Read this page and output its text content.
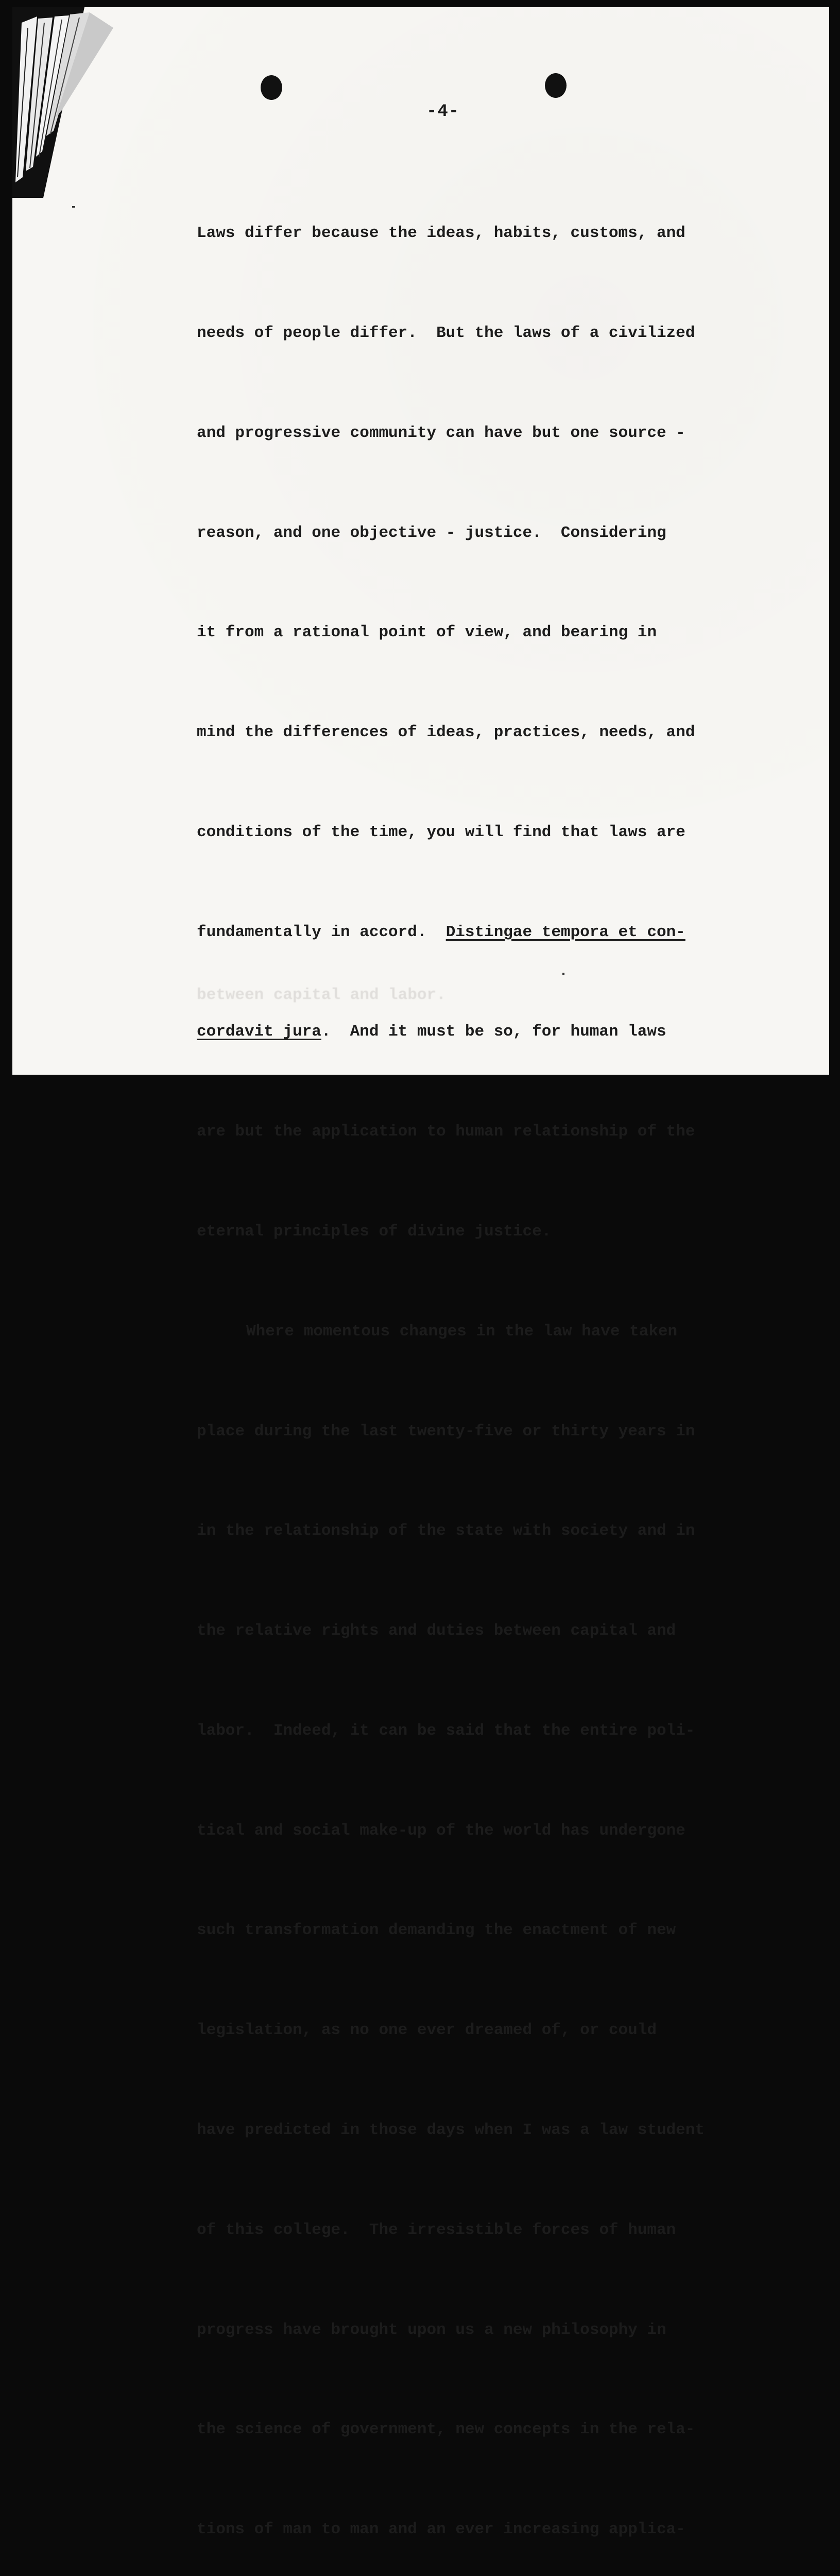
-4-

Laws differ because the ideas, habits, customs, and

needs of people differ.  But the laws of a civilized

and progressive community can have but one source -

reason, and one objective - justice.  Considering

it from a rational point of view, and bearing in

mind the differences of ideas, practices, needs, and

conditions of the time, you will find that laws are

fundamentally in accord.  Distingae tempora et con-

cordavit jura.  And it must be so, for human laws

are but the application to human relationship of the

eternal principles of divine justice.

Where momentous changes in the law have taken

place during the last twenty-five or thirty years in

in the relationship of the state with society and in

the relative rights and duties between capital and

labor.  Indeed, it can be said that the entire poli-

tical and social make-up of the world has undergone

such transformation demanding the enactment of new

legislation, as no one ever dreamed of, or could

have predicted in those days when I was a law student

of this college.  The irresistible forces of human

progress have brought upon us a new philosophy in

the science of government, new concepts in the rela-

tions of man to man and an ever increasing applica-

between capital and labor.
